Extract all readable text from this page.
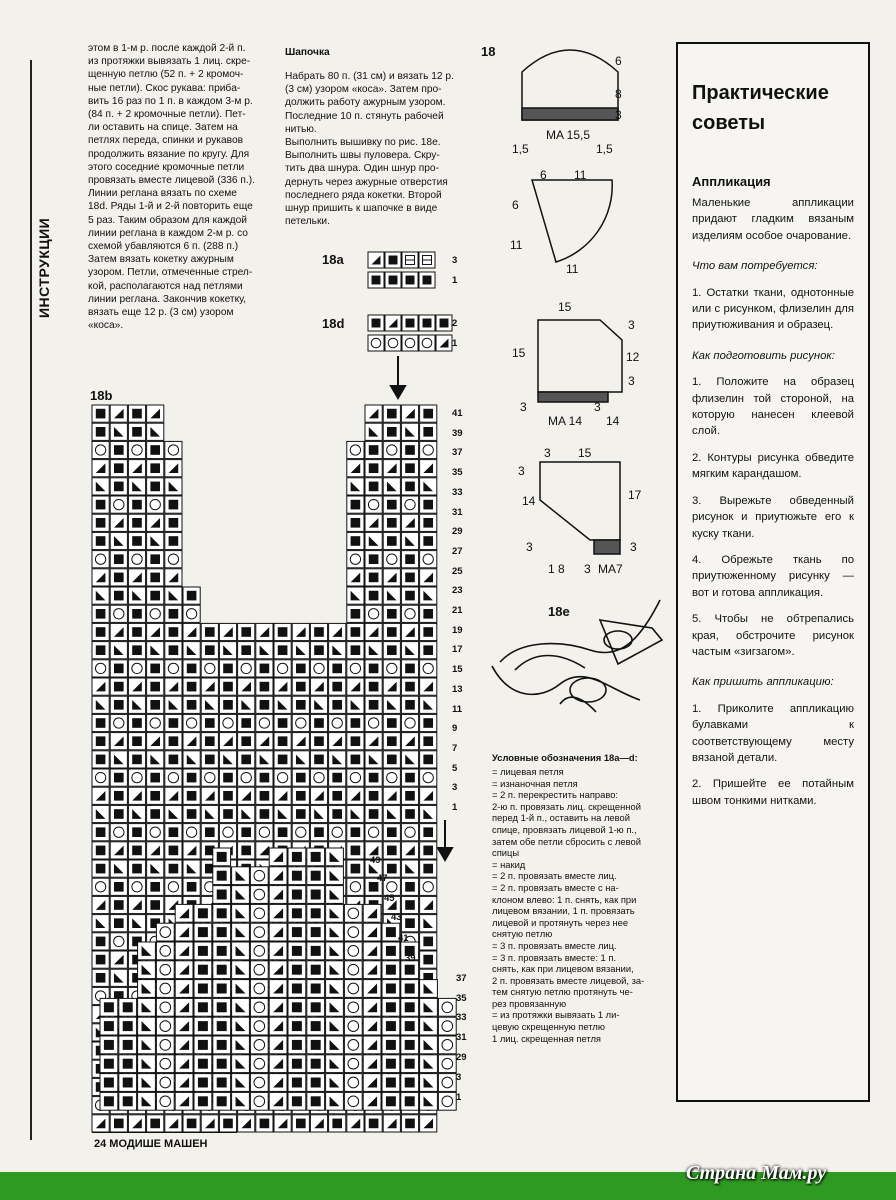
ИНСТРУКЦИИ
этом в 1-м р. после каждой 2-й п.
из протяжки вывязать 1 лиц. скре-
щенную петлю (52 п. + 2 кромоч-
ные петли). Скос рукава: прибa-
вить 16 раз по 1 п. в каждом 3-м р.
(84 п. + 2 кромочные петли). Пет-
ли оставить на спице. Затем на
петлях переда, спинки и рукавов
продолжить вязание по кругу. Для
этого соседние кромочные петли
провязать вместе лицевой (336 п.).
Линии реглана вязать по схеме
18d. Ряды 1-й и 2-й повторить еще
5 раз. Таким образом для каждой
линии реглана в каждом 2-м р. со
схемой убавляются 6 п. (288 п.)
Затем вязать кокетку ажурным
узором. Петли, отмеченные стрел-
кой, располагаются над петлями
линии реглана. Закончив кокетку,
вязать еще 12 р. (3 см) узором
«коса».
Шапочка
Набрать 80 п. (31 см) и вязать 12 р.
(3 см) узором «коса». Затем про-
должить работу ажурным узором.
Последние 10 п. стянуть рабочей
нитью.
Выполнить вышивку по рис. 18е.
Выполнить швы пуловера. Скру-
тить два шнура. Один шнур про-
дернуть через ажурные отверстия
последнего ряда кокетки. Второй
шнур пришить к шапочке в виде
петельки.
18a
18d
18b
18
18e
3
1
2
1
41
39
37
35
33
31
29
27
25
23
21
19
17
15
13
11
9
7
5
3
1
49
47
45
43
41
39
37
35
33
31
29
3
1
6
8
3
MA 15,5
1,5	1,5
6 11
6
11
11
15
3
3
15	12
3
3
MA 14 14
3 15
3
14	17
3	3
8 3 MA7
1
Условные обозначения 18a—d:
= лицевая петля
= изнаночная петля
= 2 п. перекрестить направо:
2-ю п. провязать лиц. скрещенной
перед 1-й п., оставить на левой
спице, провязать лицевой 1-ю п.,
затем обе петли сбросить с левой
спицы
= накид
= 2 п. провязать вместе лиц.
= 2 п. провязать вместе с на-
клоном влево: 1 п. снять, как при
лицевом вязании, 1 п. провязать
лицевой и протянуть через нее
снятую петлю
= 3 п. провязать вместе лиц.
= 3 п. провязать вместе: 1 п.
снять, как при лицевом вязании,
2 п. провязать вместе лицевой, за-
тем снятую петлю протянуть че-
рез провязанную
= из протяжки вывязать 1 ли-
цевую скрещенную петлю
1 лиц. скрещенная петля
24 МОДИШЕ МАШЕН
Страна Мам.ру
Практические
советы
Аппликация
Маленькие аппликации придают гладким вязаным изделиям особое очарование.
Что вам потребуется:
1. Остатки ткани, однотонные или с рисунком, флизелин для приутюживания и образец.
Как подготовить рисунок:
1. Положите на образец флизелин той стороной, на которую нанесен клеевой слой.
2. Контуры рисунка обведите мягким карандашом.
3. Вырежьте обведенный рисунок и приутюжьте его к куску ткани.
4. Обрежьте ткань по приутюженному рисунку — вот и готова аппликация.
5. Чтобы не обтрепались края, обстрочите рисунок частым «зигзагом».
Как пришить аппликацию:
1. Приколите аппликацию булавками к соответствующему месту вязаной детали.
2. Пришейте ее потайным швом тонкими нитками.
